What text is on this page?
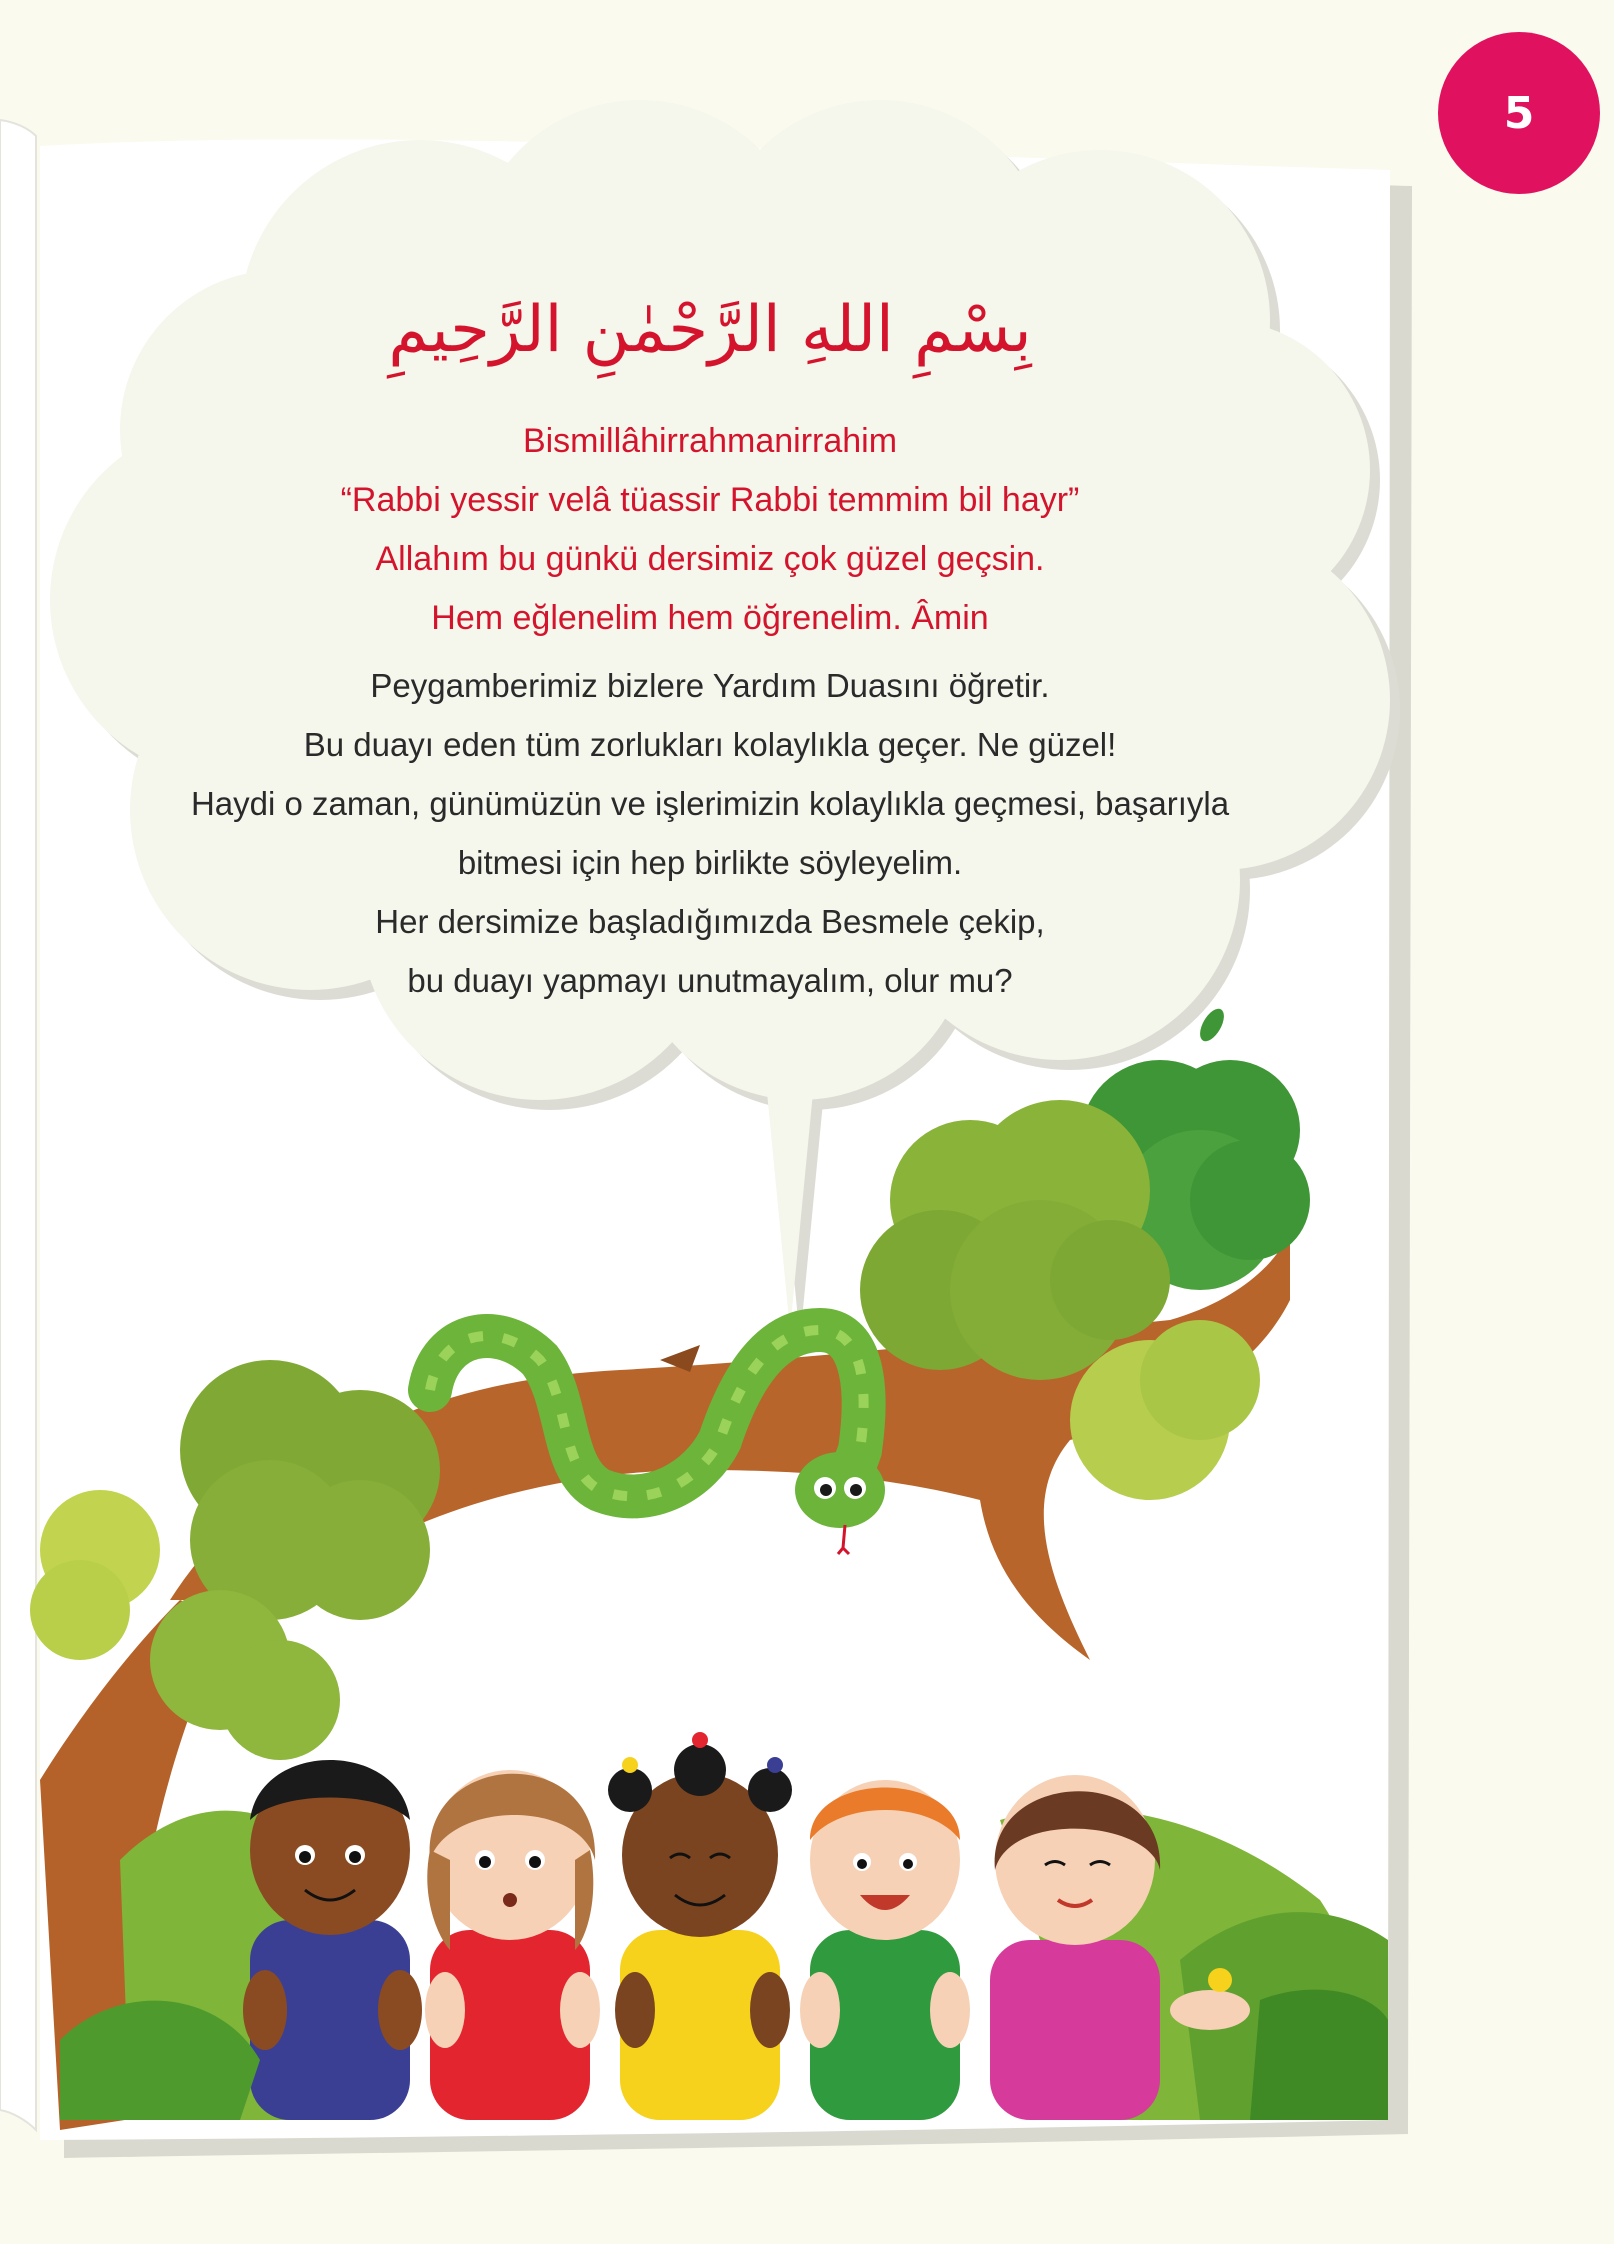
5

بِسْمِ اللهِ الرَّحْمٰنِ الرَّحِيمِ

Bismillâhirrahmanirrahim
“Rabbi yessir velâ tüassir Rabbi temmim bil hayr”
Allahım bu günkü dersimiz çok güzel geçsin.
Hem eğlenelim hem öğrenelim. Âmin
Peygamberimiz bizlere Yardım Duasını öğretir.
Bu duayı eden tüm zorlukları kolaylıkla geçer. Ne güzel!
Haydi o zaman, günümüzün ve işlerimizin kolaylıkla geçmesi, başarıyla
bitmesi için hep birlikte söyleyelim.
Her dersimize başladığımızda Besmele çekip,
bu duayı yapmayı unutmayalım, olur mu?
